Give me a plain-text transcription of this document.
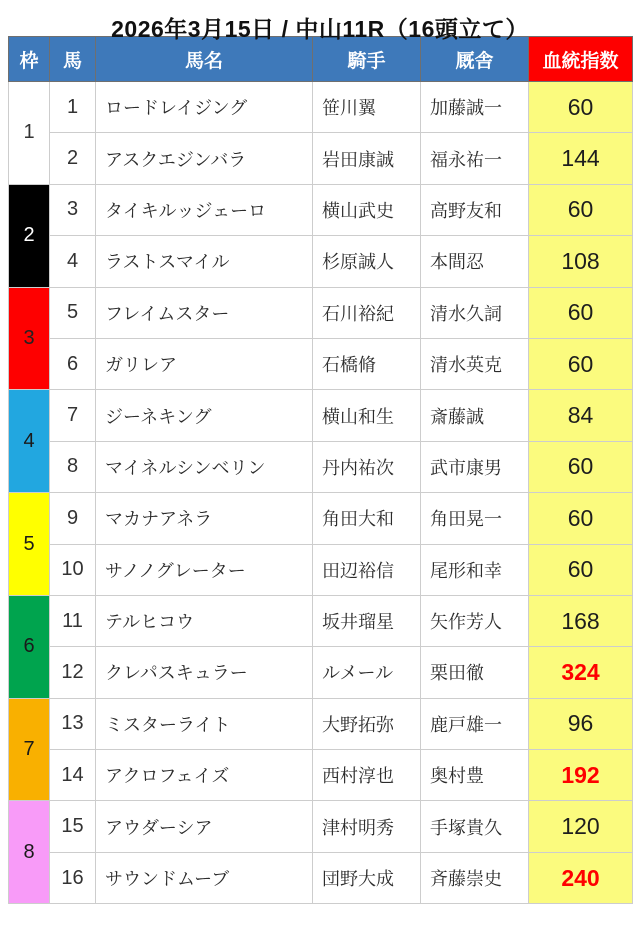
2026年3月15日 / 中山11R（16頭立て）
枠	馬	馬名	騎手	厩舎	血統指数
1	1	ロードレイジング	笹川翼	加藤誠一	60
	2	アスクエジンバラ	岩田康誠	福永祐一	144
2	3	タイキルッジェーロ	横山武史	高野友和	60
	4	ラストスマイル	杉原誠人	本間忍	108
3	5	フレイムスター	石川裕紀	清水久詞	60
	6	ガリレア	石橋脩	清水英克	60
4	7	ジーネキング	横山和生	斎藤誠	84
	8	マイネルシンベリン	丹内祐次	武市康男	60
5	9	マカナアネラ	角田大和	角田晃一	60
	10	サノノグレーター	田辺裕信	尾形和幸	60
6	11	テルヒコウ	坂井瑠星	矢作芳人	168
	12	クレパスキュラー	ルメール	栗田徹	324
7	13	ミスターライト	大野拓弥	鹿戸雄一	96
	14	アクロフェイズ	西村淳也	奥村豊	192
8	15	アウダーシア	津村明秀	手塚貴久	120
	16	サウンドムーブ	団野大成	斉藤崇史	240
